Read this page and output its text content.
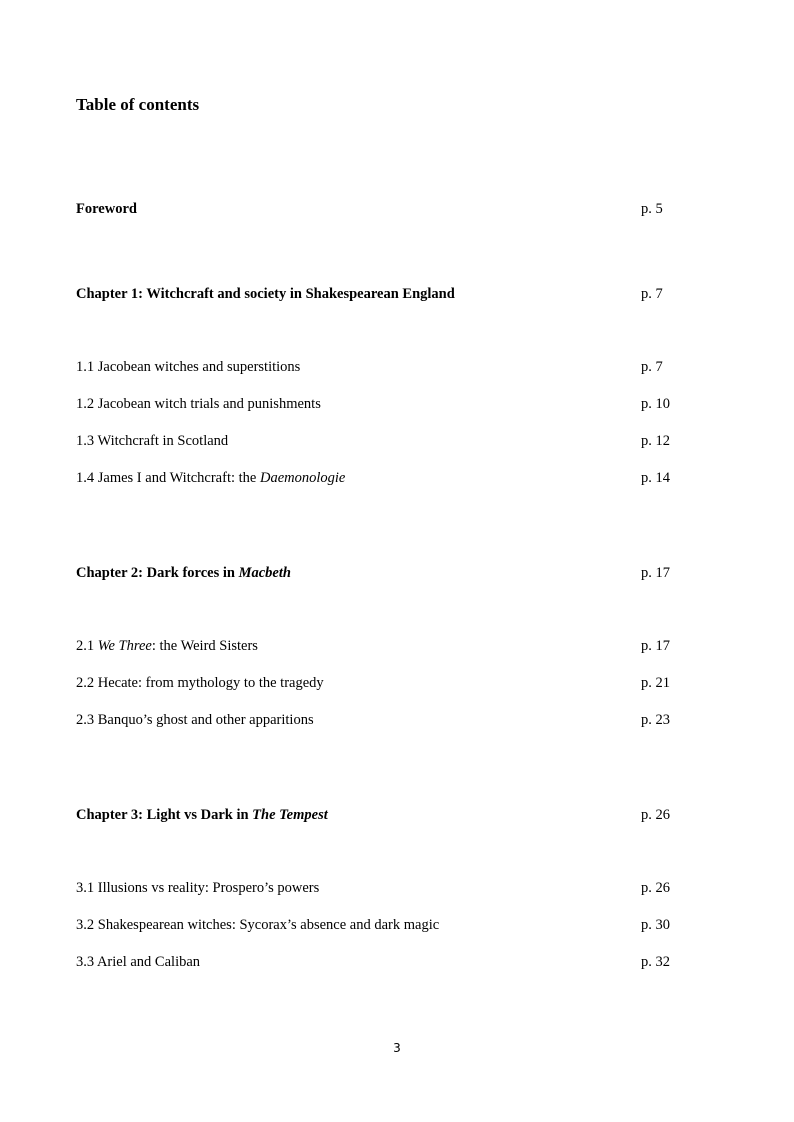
Table of contents
Foreword	p. 5
Chapter 1: Witchcraft and society in Shakespearean England	p. 7
1.1 Jacobean witches and superstitions	p. 7
1.2 Jacobean witch trials and punishments	p. 10
1.3 Witchcraft in Scotland	p. 12
1.4 James I and Witchcraft: the Daemonologie	p. 14
Chapter 2: Dark forces in Macbeth	p. 17
2.1 We Three: the Weird Sisters	p. 17
2.2 Hecate: from mythology to the tragedy	p. 21
2.3 Banquo’s ghost and other apparitions	p. 23
Chapter 3: Light vs Dark in The Tempest	p. 26
3.1 Illusions vs reality: Prospero’s powers	p. 26
3.2 Shakespearean witches: Sycorax’s absence and dark magic	p. 30
3.3 Ariel and Caliban	p. 32
3
